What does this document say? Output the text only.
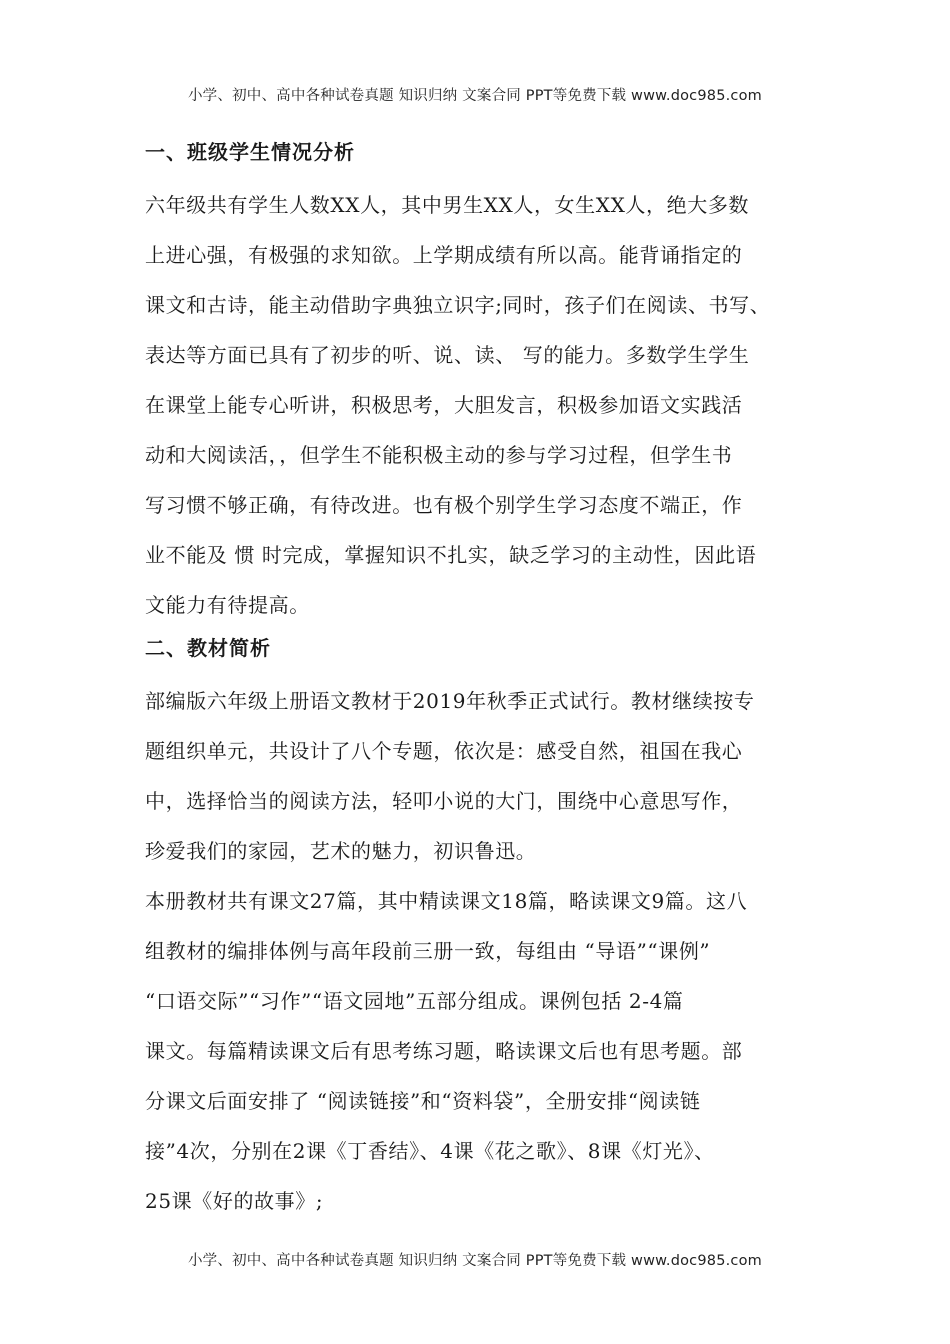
小学、初中、高中各种试卷真题 知识归纳 文案合同 PPT等免费下载 www.doc985.com
一、班级学生情况分析
六年级共有学生人数XX人，其中男生XX人，女生XX人，绝大多数
上进心强，有极强的求知欲。上学期成绩有所以高。能背诵指定的
课文和古诗，能主动借助字典独立识字;同时，孩子们在阅读、书写、
表达等方面已具有了初步的听、说、读、 写的能力。多数学生学生
在课堂上能专心听讲，积极思考，大胆发言，积极参加语文实践活
动和大阅读活，，但学生不能积极主动的参与学习过程，但学生书
写习惯不够正确，有待改进。也有极个别学生学习态度不端正，作
业不能及 惯 时完成，掌握知识不扎实，缺乏学习的主动性，因此语
文能力有待提高。
二、教材简析
部编版六年级上册语文教材于2019年秋季正式试行。教材继续按专
题组织单元，共设计了八个专题，依次是：感受自然，祖国在我心
中，选择恰当的阅读方法，轻叩小说的大门，围绕中心意思写作，
珍爱我们的家园，艺术的魅力，初识鲁迅。
本册教材共有课文27篇，其中精读课文18篇，略读课文9篇。这八
组教材的编排体例与高年段前三册一致，每组由 “导语”“课例”
“口语交际”“习作”“语文园地”五部分组成。课例包括 2-4篇
课文。每篇精读课文后有思考练习题，略读课文后也有思考题。部
分课文后面安排了 “阅读链接”和“资料袋”，全册安排“阅读链
接”4次，分别在2课《丁香结》、4课《花之歌》、8课《灯光》、
25课《好的故事》;
小学、初中、高中各种试卷真题 知识归纳 文案合同 PPT等免费下载 www.doc985.com
